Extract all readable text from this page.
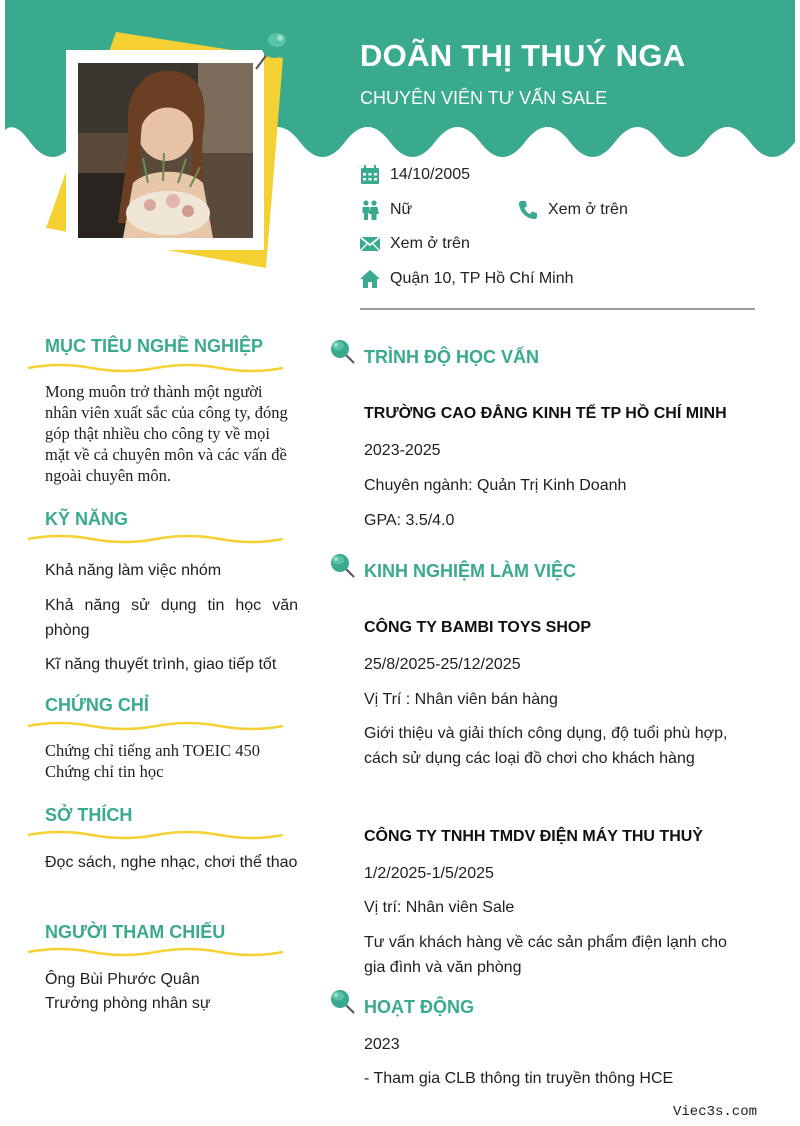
DOÃN THỊ THUÝ NGA
CHUYÊN VIÊN TƯ VẤN SALE
14/10/2005
Nữ	Xem ở trên
Xem ở trên
Quận 10, TP Hồ Chí Minh
MỤC TIÊU NGHỀ NGHIỆP
Mong muôn trở thành một người nhân viên xuất sắc của công ty, đóng góp thật nhiều cho công ty về mọi mặt về cả chuyên môn và các vấn đề ngoài chuyên môn.
KỸ NĂNG
Khả năng làm việc nhóm
Khả năng sử dụng tin học văn phòng
Kĩ năng thuyết trình, giao tiếp tốt
CHỨNG CHỈ
Chứng chỉ tiếng anh TOEIC 450
Chứng chỉ tin học
SỞ THÍCH
Đọc sách, nghe nhạc, chơi thể thao
NGƯỜI THAM CHIẾU
Ông Bùi Phước Quân
Trưởng phòng nhân sự
TRÌNH ĐỘ HỌC VẤN
TRƯỜNG CAO ĐẲNG KINH TẾ TP HỒ CHÍ MINH
2023-2025
Chuyên ngành: Quản Trị Kinh Doanh
GPA: 3.5/4.0
KINH NGHIỆM LÀM VIỆC
CÔNG TY BAMBI TOYS SHOP
25/8/2025-25/12/2025
Vị Trí : Nhân viên bán hàng
Giới thiệu và giải thích công dụng, độ tuổi phù hợp, cách sử dụng các loại đồ chơi cho khách hàng
CÔNG TY TNHH TMDV ĐIỆN MÁY THU THUỶ
1/2/2025-1/5/2025
Vị trí: Nhân viên Sale
Tư vấn khách hàng về các sản phẩm điện lạnh cho gia đình và văn phòng
HOẠT ĐỘNG
2023
- Tham gia CLB thông tin truyền thông HCE
Viec3s.com
